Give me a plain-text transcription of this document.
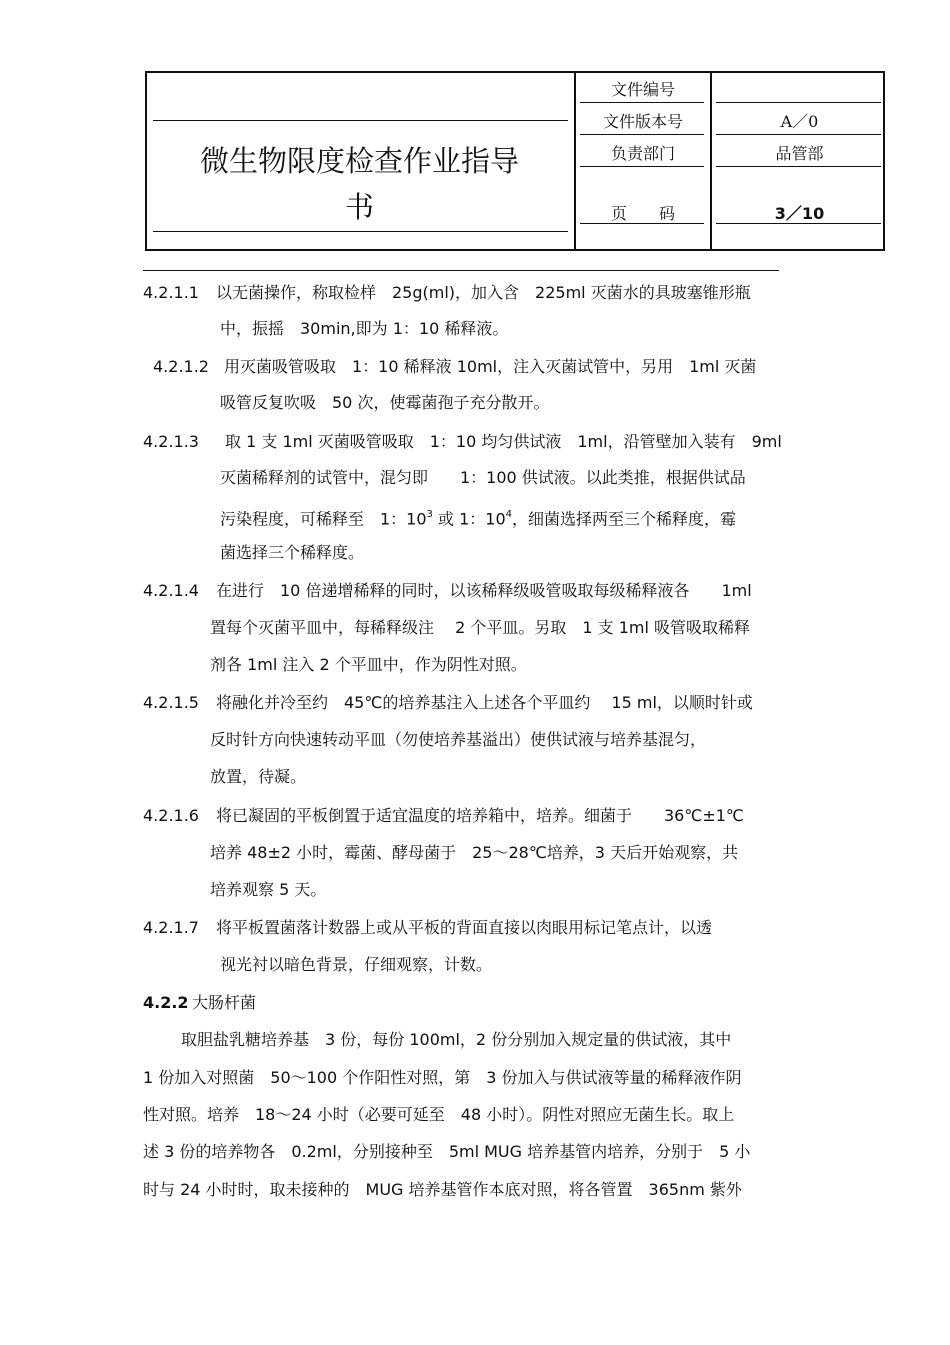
微生物限度检查作业指导
书
文件编号
文件版本号	A／0
负责部门	品管部
页　　码	3／10
4.2.1.1 以无菌操作，称取检样　25g(ml)，加入含　225ml 灭菌水的具玻塞锥形瓶
中，振摇　30min,即为 1：10 稀释液。
4.2.1.2 用灭菌吸管吸取　1：10 稀释液 10ml，注入灭菌试管中，另用　1ml 灭菌
吸管反复吹吸　50 次，使霉菌孢子充分散开。
4.2.1.3 取 1 支 1ml 灭菌吸管吸取　1：10 均匀供试液　1ml，沿管壁加入装有　9ml
灭菌稀释剂的试管中，混匀即　　1：100 供试液。以此类推，根据供试品
污染程度，可稀释至　1：$10^3$ 或 1：$10^4$，细菌选择两至三个稀释度，霉
菌选择三个稀释度。
4.2.1.4 在进行　10 倍递增稀释的同时，以该稀释级吸管吸取每级稀释液各　　1ml
置每个灭菌平皿中，每稀释级注　 2 个平皿。另取　1 支 1ml 吸管吸取稀释
剂各 1ml 注入 2 个平皿中，作为阴性对照。
4.2.1.5 将融化并冷至约　45℃的培养基注入上述各个平皿约　 15 ml，以顺时针或
反时针方向快速转动平皿（勿使培养基溢出）使供试液与培养基混匀，
放置，待凝。
4.2.1.6 将已凝固的平板倒置于适宜温度的培养箱中，培养。细菌于　　36℃±1℃
培养 48±2 小时，霉菌、酵母菌于　25～28℃培养，3 天后开始观察，共
培养观察 5 天。
4.2.1.7 将平板置菌落计数器上或从平板的背面直接以肉眼用标记笔点计，以透
视光衬以暗色背景，仔细观察，计数。
4.2.2 大肠杆菌
取胆盐乳糖培养基　3 份，每份 100ml，2 份分别加入规定量的供试液，其中
1 份加入对照菌　50～100 个作阳性对照，第　3 份加入与供试液等量的稀释液作阴
性对照。培养　18～24 小时（必要可延至　48 小时）。阴性对照应无菌生长。取上
述 3 份的培养物各　0.2ml，分别接种至　5ml MUG 培养基管内培养，分别于　5 小
时与 24 小时时，取未接种的　MUG 培养基管作本底对照，将各管置　365nm 紫外
